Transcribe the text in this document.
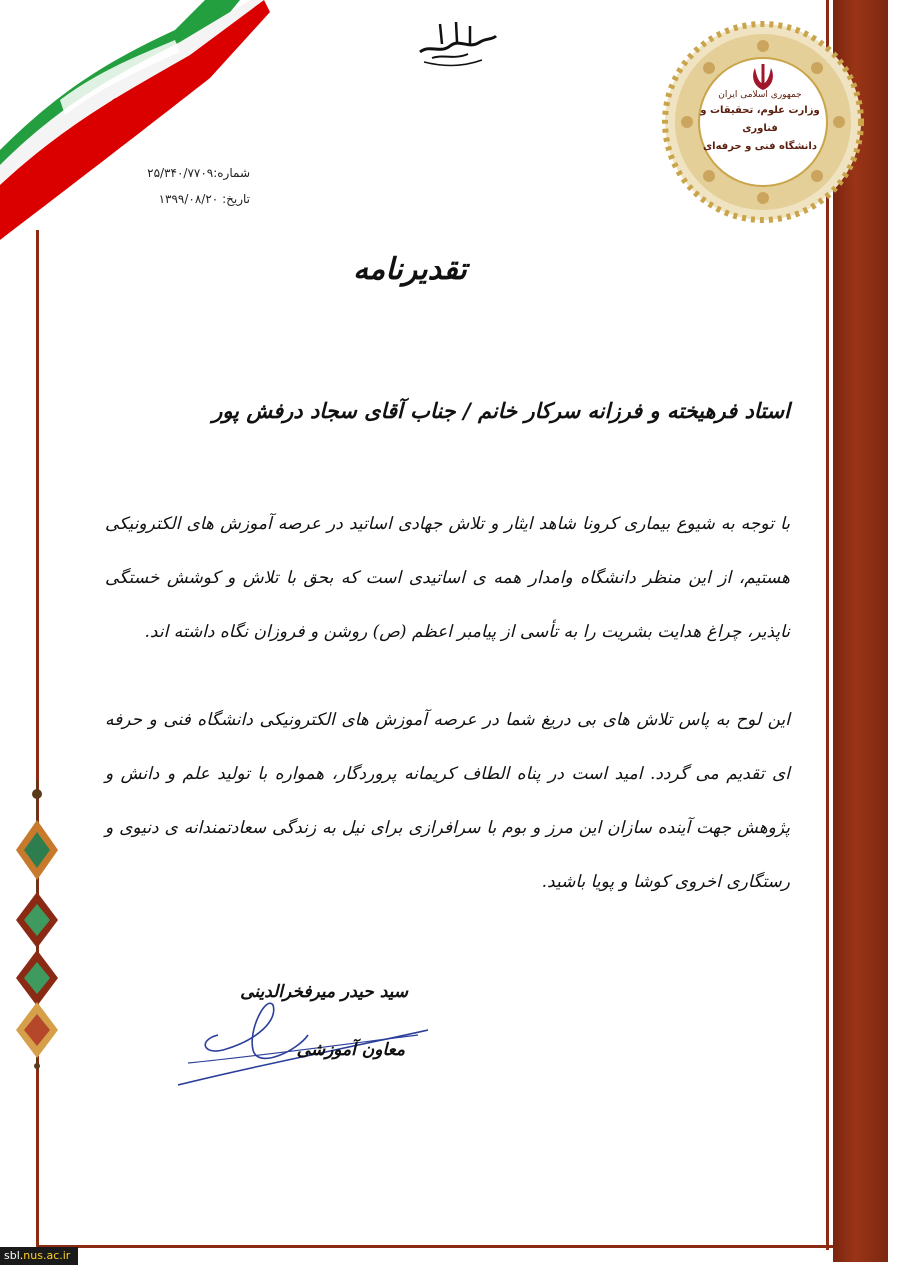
شماره:۲۵/۳۴۰/۷۷۰۹
تاریخ: ۱۳۹۹/۰۸/۲۰
جمهوری اسلامی ایران
وزارت علوم، تحقیقات و فناوری
دانشگاه فنی و حرفه‌ای
تقدیرنامه
استاد فرهیخته و فرزانه سرکار خانم / جناب آقای سجاد درفش پور
با توجه به شیوع بیماری کرونا شاهد ایثار و تلاش جهادی اساتید در عرصه آموزش های الکترونیکی هستیم، از این منظر دانشگاه وامدار همه ی اساتیدی است که بحق با تلاش و کوشش خستگی ناپذیر، چراغ هدایت بشریت را به تأسی از پیامبر اعظم (ص) روشن و فروزان نگاه داشته اند.
این لوح به پاس تلاش های بی دریغ شما در عرصه آموزش های الکترونیکی دانشگاه فنی و حرفه ای تقدیم می گردد. امید است در پناه الطاف کریمانه پروردگار، همواره با تولید علم و دانش و پژوهش جهت آینده سازان این مرز و بوم با سرافرازی برای نیل به زندگی سعادتمندانه ی دنیوی و رستگاری اخروی کوشا و پویا باشید.
سید حیدر میرفخرالدینی
معاون آموزشی
sbl.nus.ac.ir
